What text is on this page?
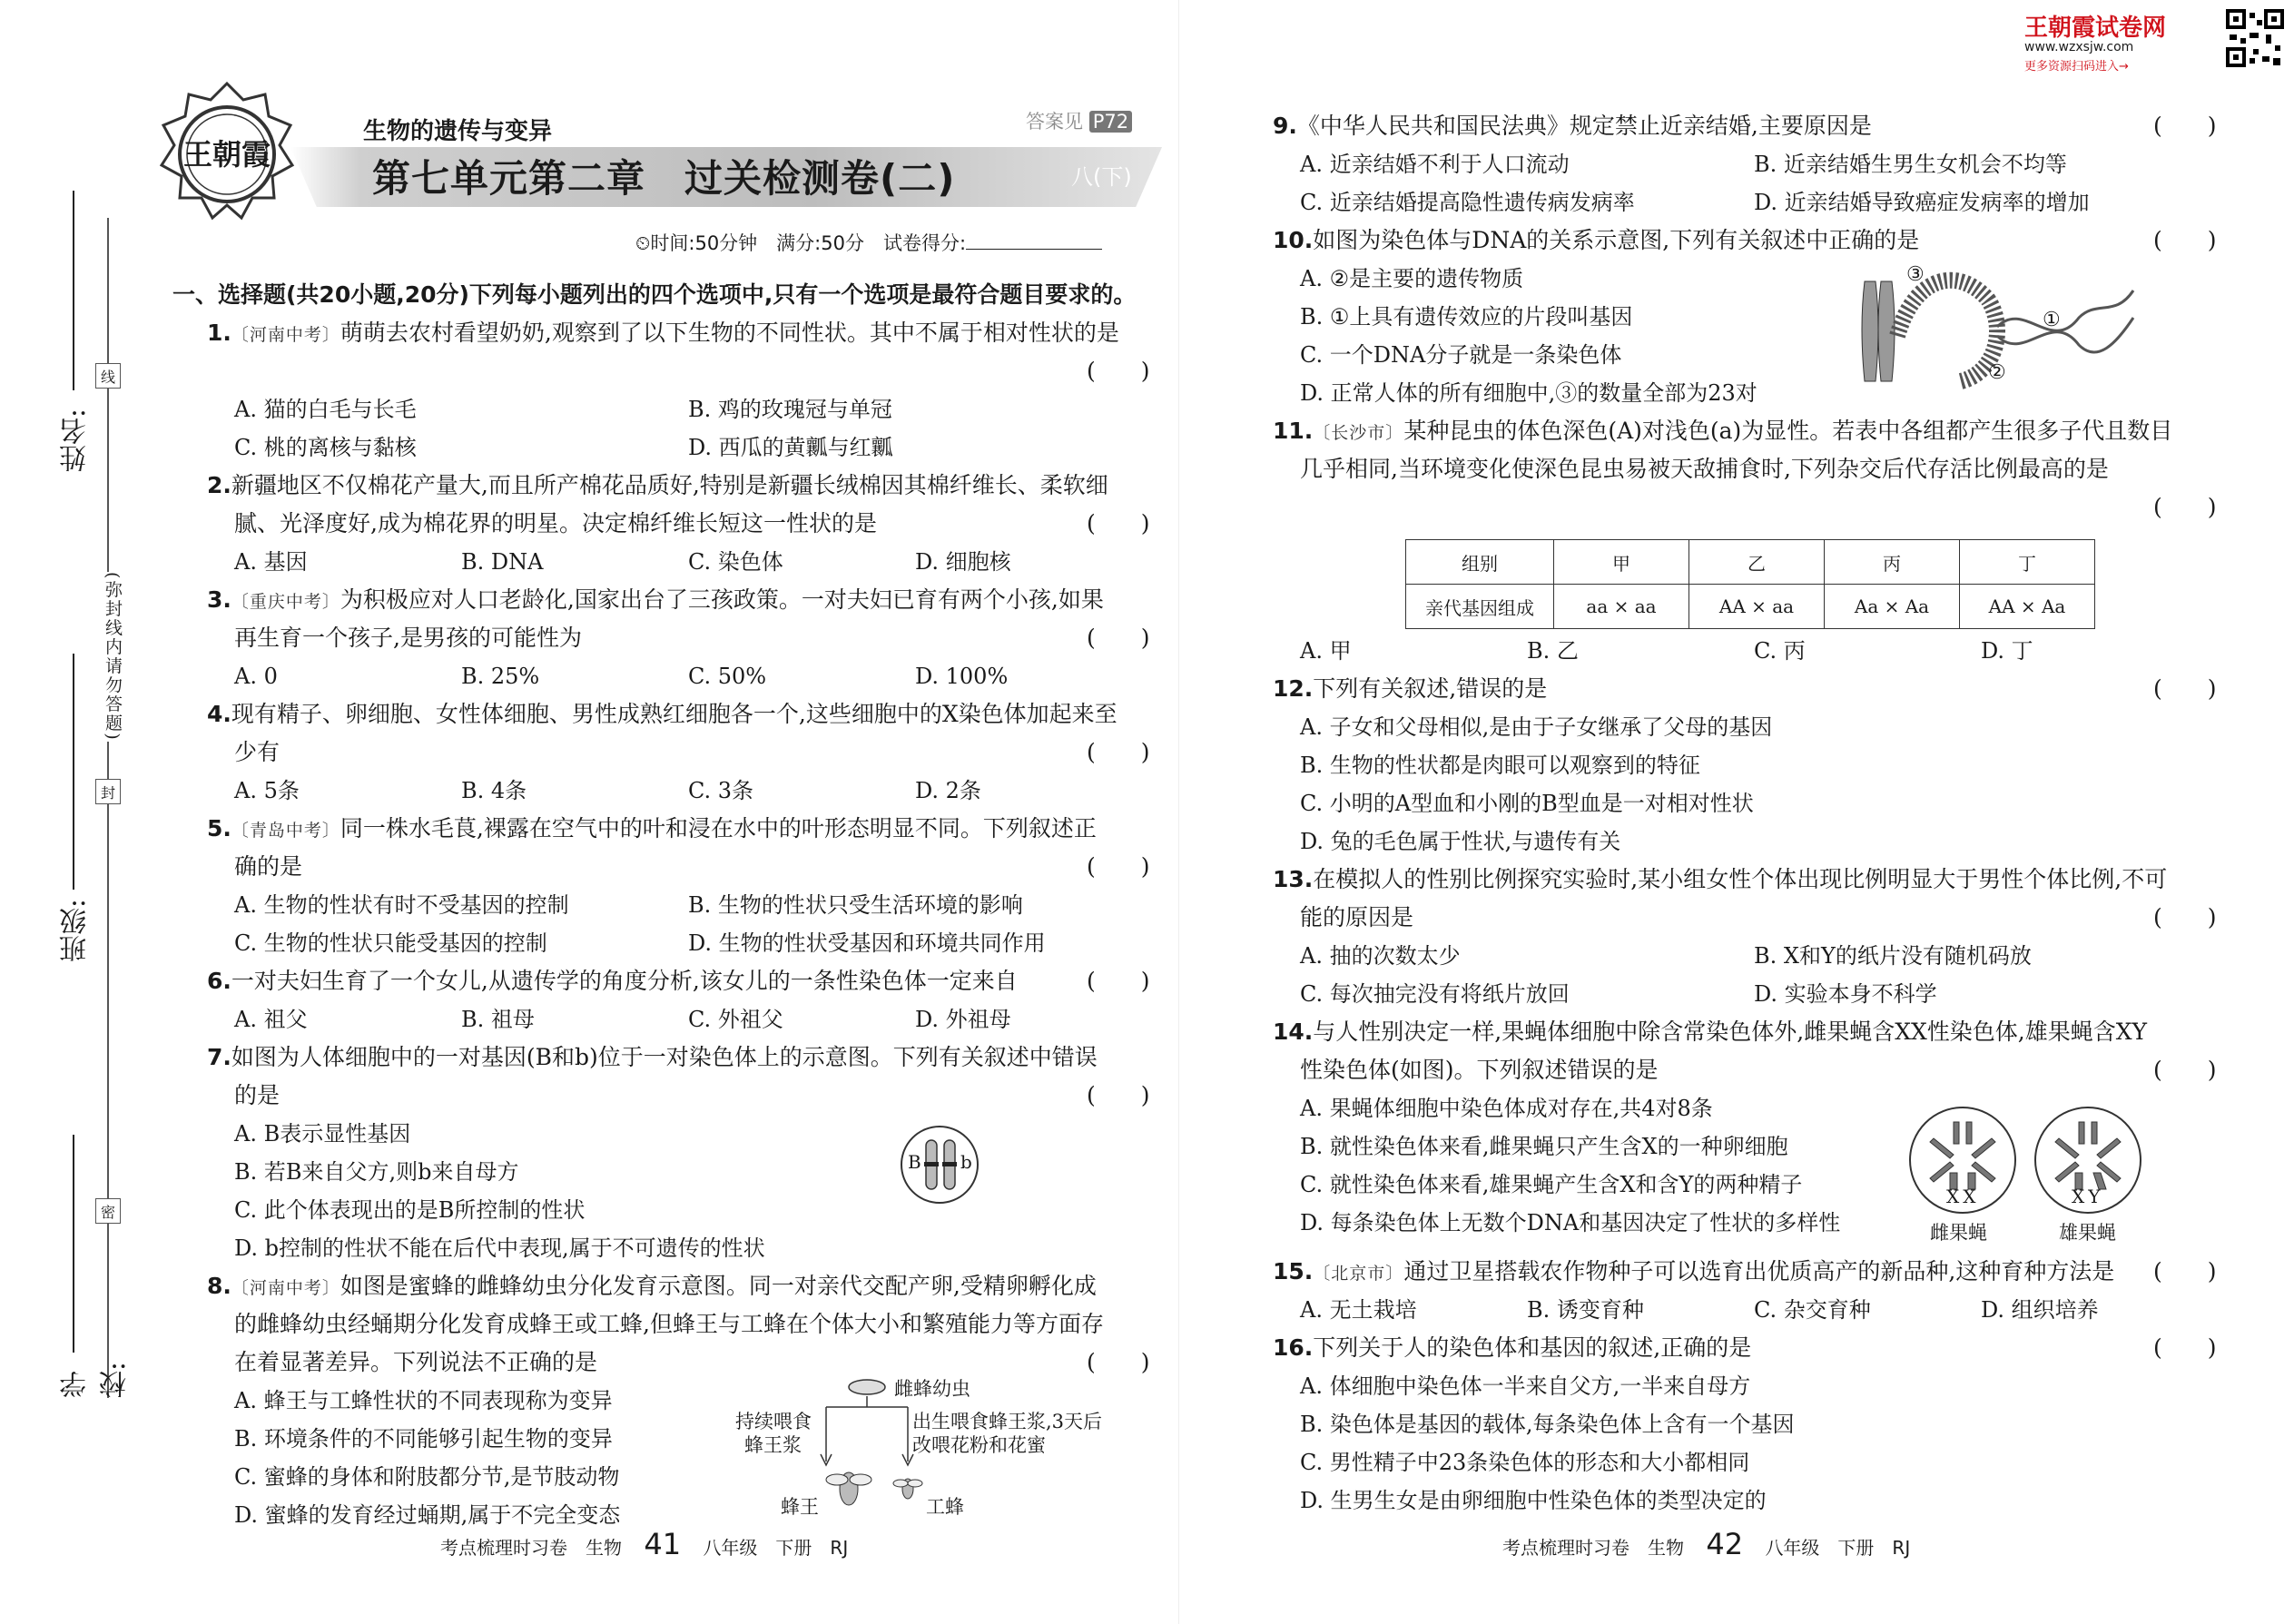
线
封
密
(弥封线内请勿答题)
姓名:
班级:
学校:
王朝霞
生物的遗传与变异
第七单元第二章　过关检测卷(二)
答案见 P72
八(下)
⏲时间:50分钟　满分:50分　试卷得分:
王朝霞试卷网
www.wzxsjw.com
更多资源扫码进入→
一、选择题(共20小题,20分)下列每小题列出的四个选项中,只有一个选项是最符合题目要求的。
1.〔河南中考〕萌萌去农村看望奶奶,观察到了以下生物的不同性状。其中不属于相对性状的是
(　　)
A. 猫的白毛与长毛	B. 鸡的玫瑰冠与单冠
C. 桃的离核与黏核	D. 西瓜的黄瓤与红瓤
2.新疆地区不仅棉花产量大,而且所产棉花品质好,特别是新疆长绒棉因其棉纤维长、柔软细
腻、光泽度好,成为棉花界的明星。决定棉纤维长短这一性状的是	(　　)
A. 基因	B. DNA	C. 染色体	D. 细胞核
3.〔重庆中考〕为积极应对人口老龄化,国家出台了三孩政策。一对夫妇已育有两个小孩,如果
再生育一个孩子,是男孩的可能性为	(　　)
A. 0	B. 25%	C. 50%	D. 100%
4.现有精子、卵细胞、女性体细胞、男性成熟红细胞各一个,这些细胞中的X染色体加起来至
少有	(　　)
A. 5条	B. 4条	C. 3条	D. 2条
5.〔青岛中考〕同一株水毛茛,裸露在空气中的叶和浸在水中的叶形态明显不同。下列叙述正
确的是	(　　)
A. 生物的性状有时不受基因的控制	B. 生物的性状只受生活环境的影响
C. 生物的性状只能受基因的控制	D. 生物的性状受基因和环境共同作用
6.一对夫妇生育了一个女儿,从遗传学的角度分析,该女儿的一条性染色体一定来自	(　　)
A. 祖父	B. 祖母	C. 外祖父	D. 外祖母
7.如图为人体细胞中的一对基因(B和b)位于一对染色体上的示意图。下列有关叙述中错误
的是	(　　)
A. B表示显性基因
B. 若B来自父方,则b来自母方
C. 此个体表现出的是B所控制的性状
D. b控制的性状不能在后代中表现,属于不可遗传的性状
B b
8.〔河南中考〕如图是蜜蜂的雌蜂幼虫分化发育示意图。同一对亲代交配产卵,受精卵孵化成
的雌蜂幼虫经蛹期分化发育成蜂王或工蜂,但蜂王与工蜂在个体大小和繁殖能力等方面存
在着显著差异。下列说法不正确的是	(　　)
A. 蜂王与工蜂性状的不同表现称为变异
B. 环境条件的不同能够引起生物的变异
C. 蜜蜂的身体和附肢都分节,是节肢动物
D. 蜜蜂的发育经过蛹期,属于不完全变态
雌蜂幼虫
持续喂食
蜂王浆
出生喂食蜂王浆,3天后
改喂花粉和花蜜
蜂王	工蜂
考点梳理时习卷　生物 41 八年级　下册　RJ
9.《中华人民共和国民法典》规定禁止近亲结婚,主要原因是	(　　)
A. 近亲结婚不利于人口流动	B. 近亲结婚生男生女机会不均等
C. 近亲结婚提高隐性遗传病发病率	D. 近亲结婚导致癌症发病率的增加
10.如图为染色体与DNA的关系示意图,下列有关叙述中正确的是	(　　)
A. ②是主要的遗传物质
B. ①上具有遗传效应的片段叫基因
C. 一个DNA分子就是一条染色体
D. 正常人体的所有细胞中,③的数量全部为23对
①
②
③
11.〔长沙市〕某种昆虫的体色深色(A)对浅色(a)为显性。若表中各组都产生很多子代且数目
几乎相同,当环境变化使深色昆虫易被天敌捕食时,下列杂交后代存活比例最高的是
(　　)
组别	甲	乙	丙	丁
亲代基因组成	aa × aa	AA × aa	Aa × Aa	AA × Aa
A. 甲	B. 乙	C. 丙	D. 丁
12.下列有关叙述,错误的是	(　　)
A. 子女和父母相似,是由于子女继承了父母的基因
B. 生物的性状都是肉眼可以观察到的特征
C. 小明的A型血和小刚的B型血是一对相对性状
D. 兔的毛色属于性状,与遗传有关
13.在模拟人的性别比例探究实验时,某小组女性个体出现比例明显大于男性个体比例,不可
能的原因是	(　　)
A. 抽的次数太少	B. X和Y的纸片没有随机码放
C. 每次抽完没有将纸片放回	D. 实验本身不科学
14.与人性别决定一样,果蝇体细胞中除含常染色体外,雌果蝇含XX性染色体,雄果蝇含XY
性染色体(如图)。下列叙述错误的是	(　　)
A. 果蝇体细胞中染色体成对存在,共4对8条
B. 就性染色体来看,雌果蝇只产生含X的一种卵细胞
C. 就性染色体来看,雄果蝇产生含X和含Y的两种精子
D. 每条染色体上无数个DNA和基因决定了性状的多样性
XX	XY
雌果蝇	雄果蝇
15.〔北京市〕通过卫星搭载农作物种子可以选育出优质高产的新品种,这种育种方法是 (　　)
A. 无土栽培	B. 诱变育种	C. 杂交育种	D. 组织培养
16.下列关于人的染色体和基因的叙述,正确的是	(　　)
A. 体细胞中染色体一半来自父方,一半来自母方
B. 染色体是基因的载体,每条染色体上含有一个基因
C. 男性精子中23条染色体的形态和大小都相同
D. 生男生女是由卵细胞中性染色体的类型决定的
考点梳理时习卷　生物 42 八年级　下册　RJ
